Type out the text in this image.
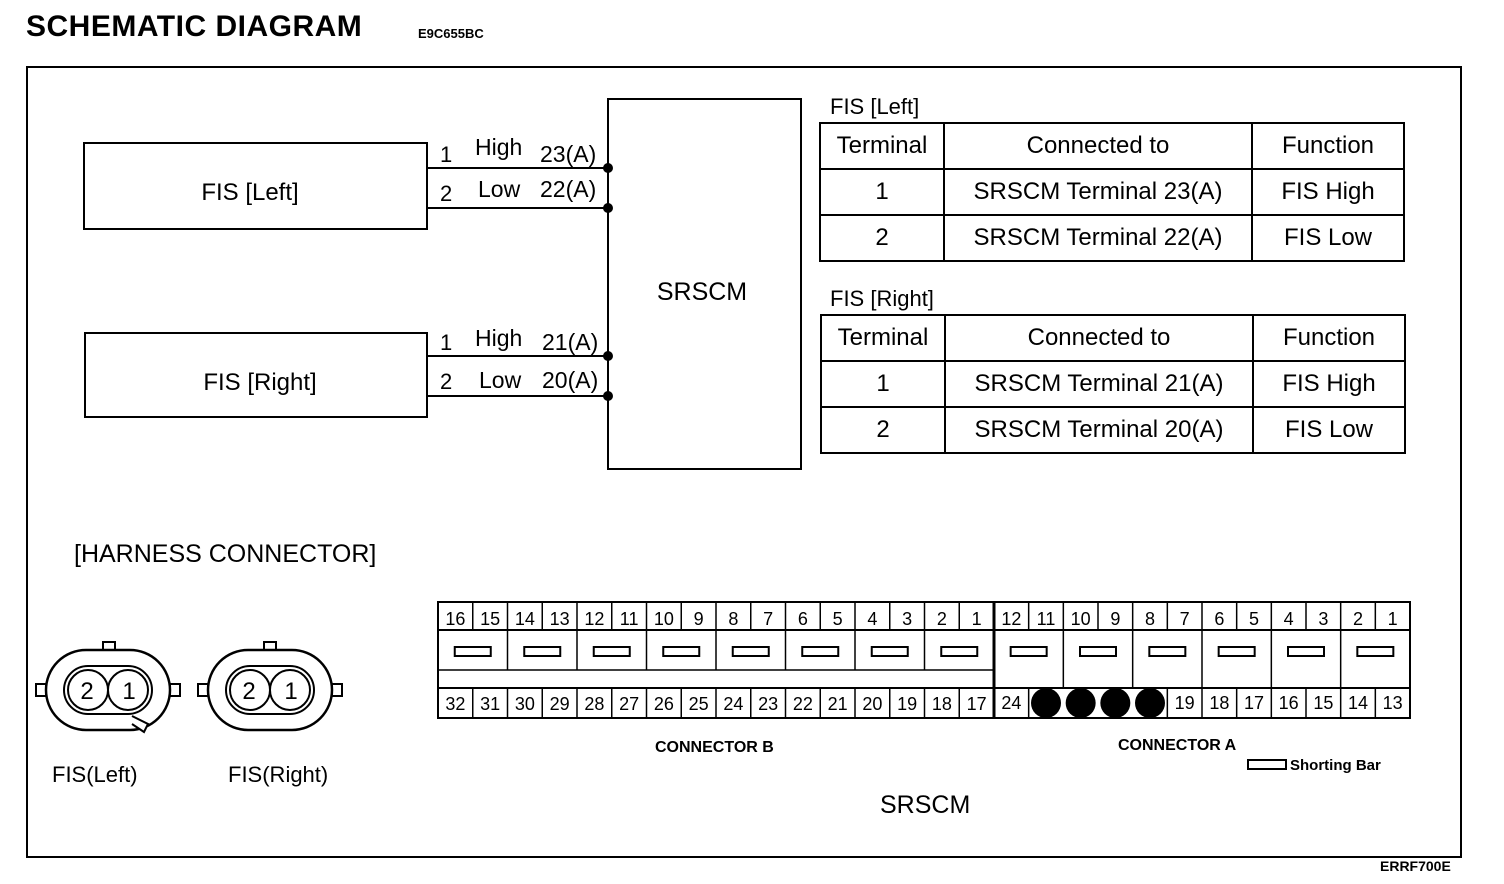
SCHEMATIC DIAGRAM	E9C655BC
FIS [Left]
FIS [Right]
SRSCM
1 High 23(A)
2 Low 22(A)
1 High 21(A)
2 Low 20(A)
[HARNESS CONNECTOR]
2 1
FIS(Left)
2 1
FIS(Right)
16
32
15
31
14
30
13
29
12
28
11
27
10
26
9
25
8
24
7
23
6
22
5
21
4
20
3
19
2
18
1
17
12
24
11 10 9 8 7
19
6
18
5
17
4
16
3
15
2
14
1
13
CONNECTOR B	CONNECTOR A
Shorting Bar
SRSCM
FIS [Left]
Terminal	Connected to	Function
1	SRSCM Terminal 23(A)	FIS High
2	SRSCM Terminal 22(A)	FIS Low
FIS [Right]
Terminal	Connected to	Function
1	SRSCM Terminal 21(A)	FIS High
2	SRSCM Terminal 20(A)	FIS Low
ERRF700E
